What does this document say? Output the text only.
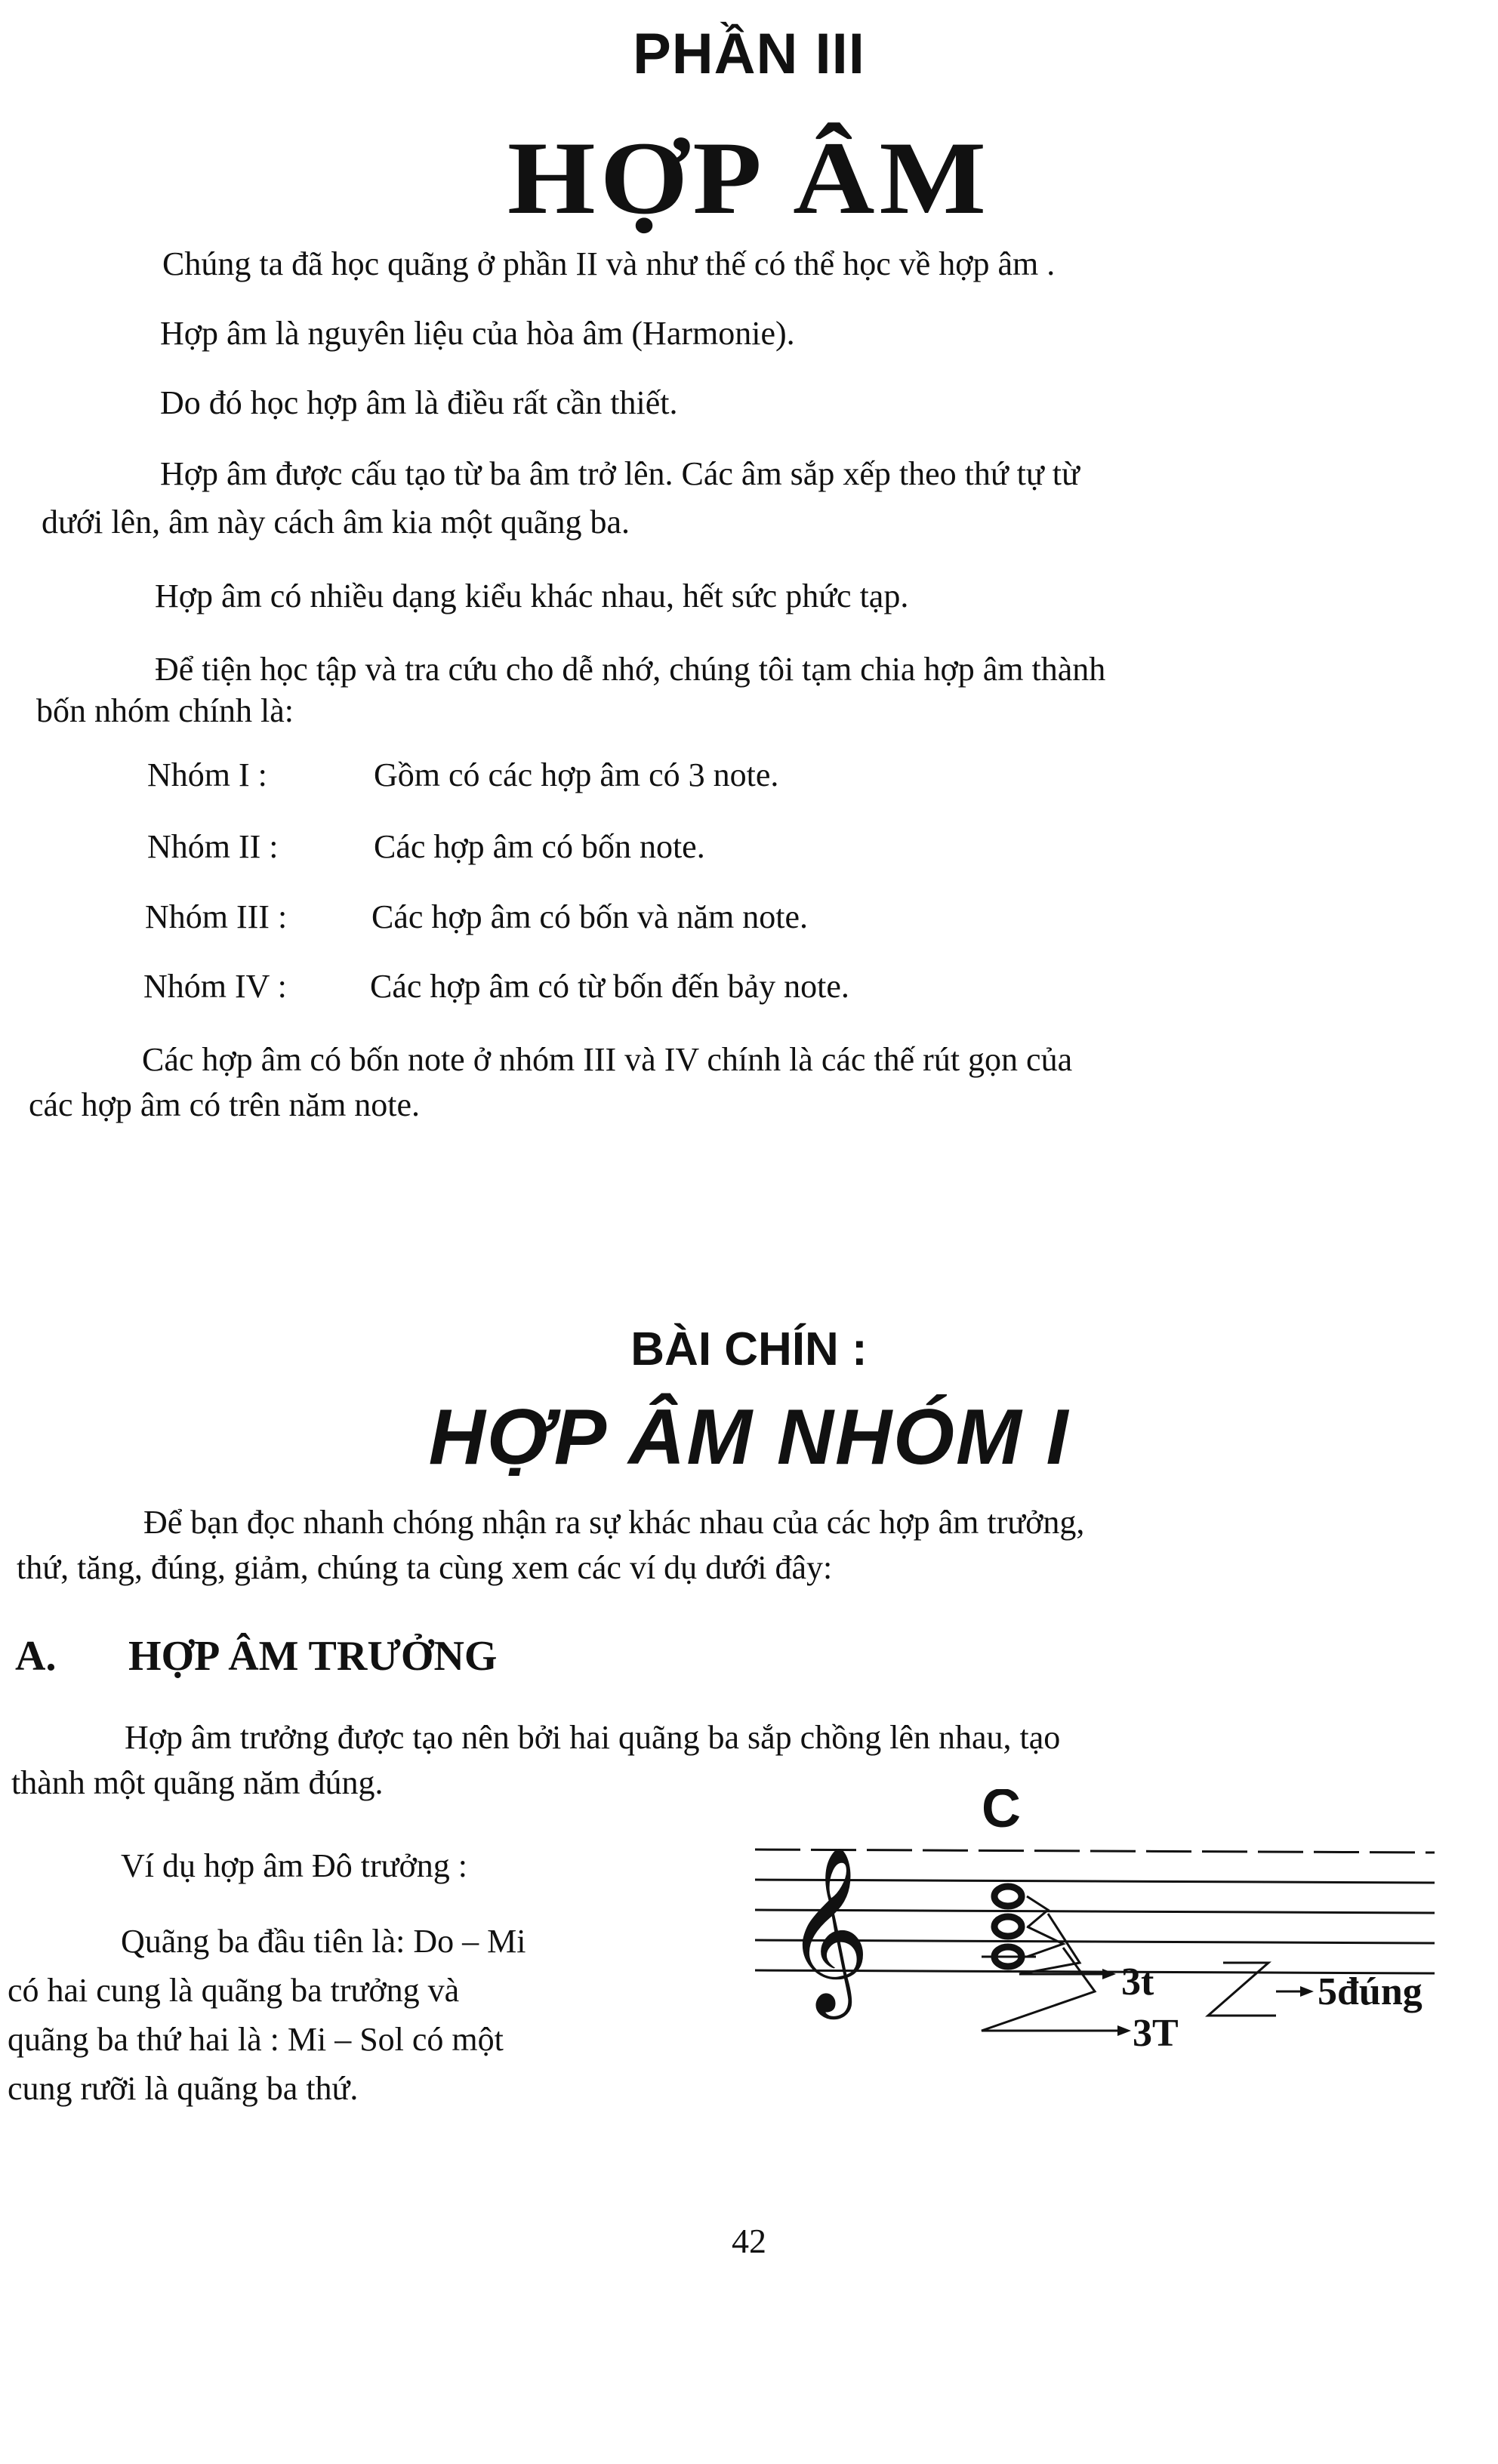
PHẦN III
HỢP ÂM
Chúng ta đã học quãng ở phần II và như thế có thể học về hợp âm .
Hợp âm là nguyên liệu của hòa âm (Harmonie).
Do đó học hợp âm là điều rất cần thiết.
Hợp âm được cấu tạo từ ba âm trở lên. Các âm sắp xếp theo thứ tự từ
dưới lên, âm này cách âm kia một quãng ba.
Hợp âm có nhiều dạng kiểu khác nhau, hết sức phức tạp.
Để tiện học tập và tra cứu cho dễ nhớ, chúng tôi tạm chia hợp âm thành
bốn nhóm chính là:
Nhóm I :	Gồm có các hợp âm có 3 note.
Nhóm II :	Các hợp âm có bốn note.
Nhóm III :	Các hợp âm có bốn và năm note.
Nhóm IV :	Các hợp âm có từ bốn đến bảy note.
Các hợp âm có bốn note ở nhóm III và IV chính là các thế rút gọn của
các hợp âm có trên năm note.
BÀI CHÍN :
HỢP ÂM NHÓM I
Để bạn đọc nhanh chóng nhận ra sự khác nhau của các hợp âm trưởng,
thứ, tăng, đúng, giảm, chúng ta cùng xem các ví dụ dưới đây:
A. HỢP ÂM TRƯỞNG
Hợp âm trưởng được tạo nên bởi hai quãng ba sắp chồng lên nhau, tạo
thành một quãng năm đúng.
Ví dụ hợp âm Đô trưởng :
Quãng ba đầu tiên là: Do – Mi
có hai cung là quãng ba trưởng và
quãng ba thứ hai là : Mi – Sol có một
cung rưỡi là quãng ba thứ.
𝄞
C
3t
3T
5đúng
42
